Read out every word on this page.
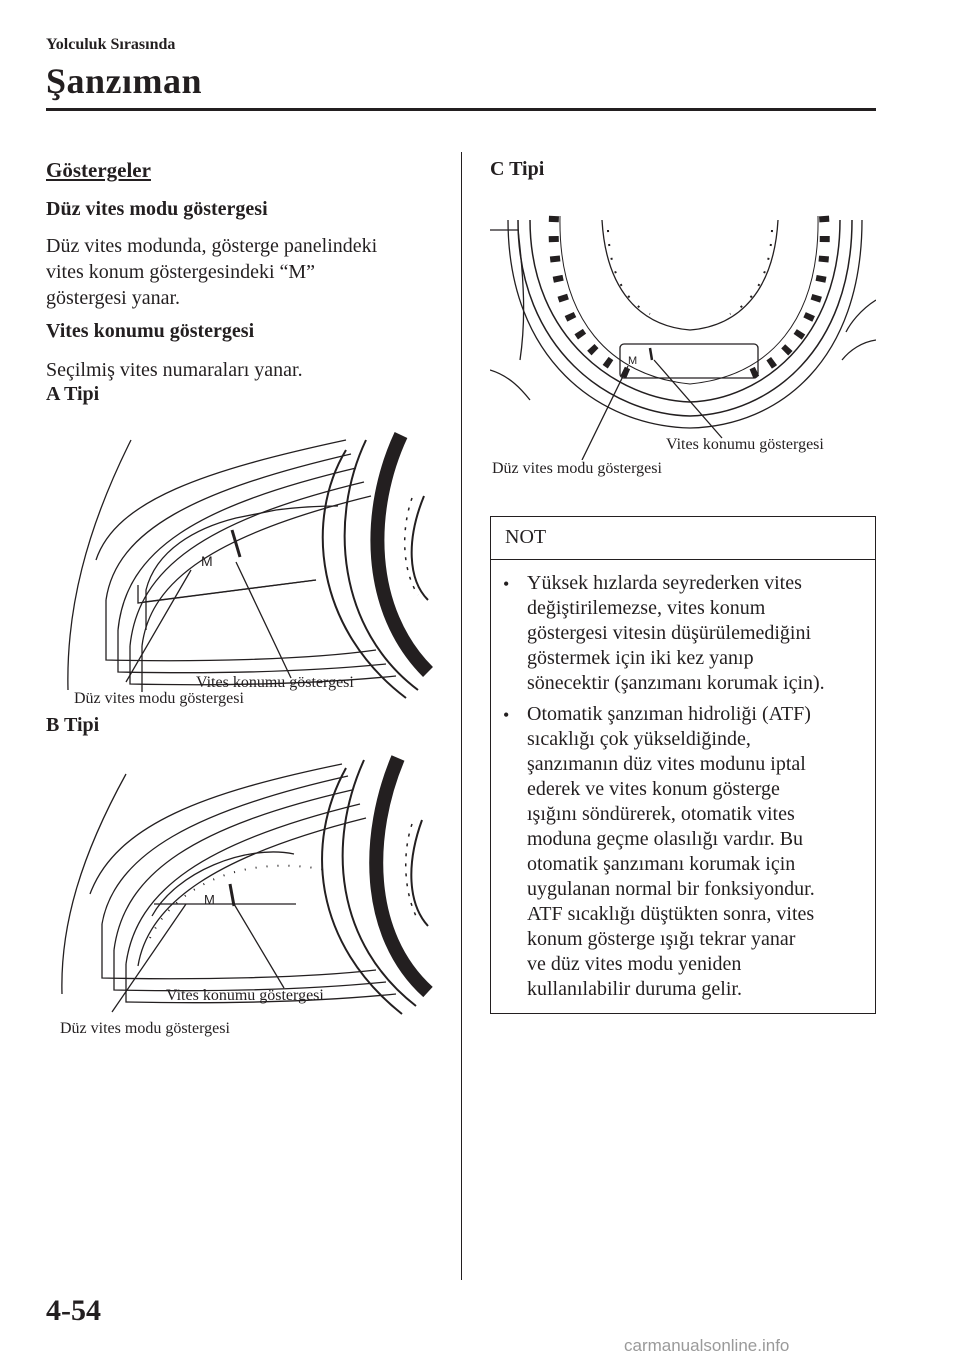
Yolculuk Sırasında
Şanzıman
Göstergeler
Düz vites modu göstergesi
Düz vites modunda, gösterge panelindeki
vites konum göstergesindeki “M”
göstergesi yanar.
Vites konumu göstergesi
Seçilmiş vites numaraları yanar.
A Tipi
M
Vites konumu göstergesi
Düz vites modu göstergesi
B Tipi
M
Vites konumu göstergesi
Düz vites modu göstergesi
C Tipi
M
Vites konumu göstergesi
Düz vites modu göstergesi
NOT
• Yüksek hızlarda seyrederken vites
değiştirilemezse, vites konum
göstergesi vitesin düşürülemediğini
göstermek için iki kez yanıp
sönecektir (şanzımanı korumak için).
• Otomatik şanzıman hidroliği (ATF)
sıcaklığı çok yükseldiğinde,
şanzımanın düz vites modunu iptal
ederek ve vites konum gösterge
ışığını söndürerek, otomatik vites
moduna geçme olasılığı vardır. Bu
otomatik şanzımanı korumak için
uygulanan normal bir fonksiyondur.
ATF sıcaklığı düştükten sonra, vites
konum gösterge ışığı tekrar yanar
ve düz vites modu yeniden
kullanılabilir duruma gelir.
4-54
carmanualsonline.info
